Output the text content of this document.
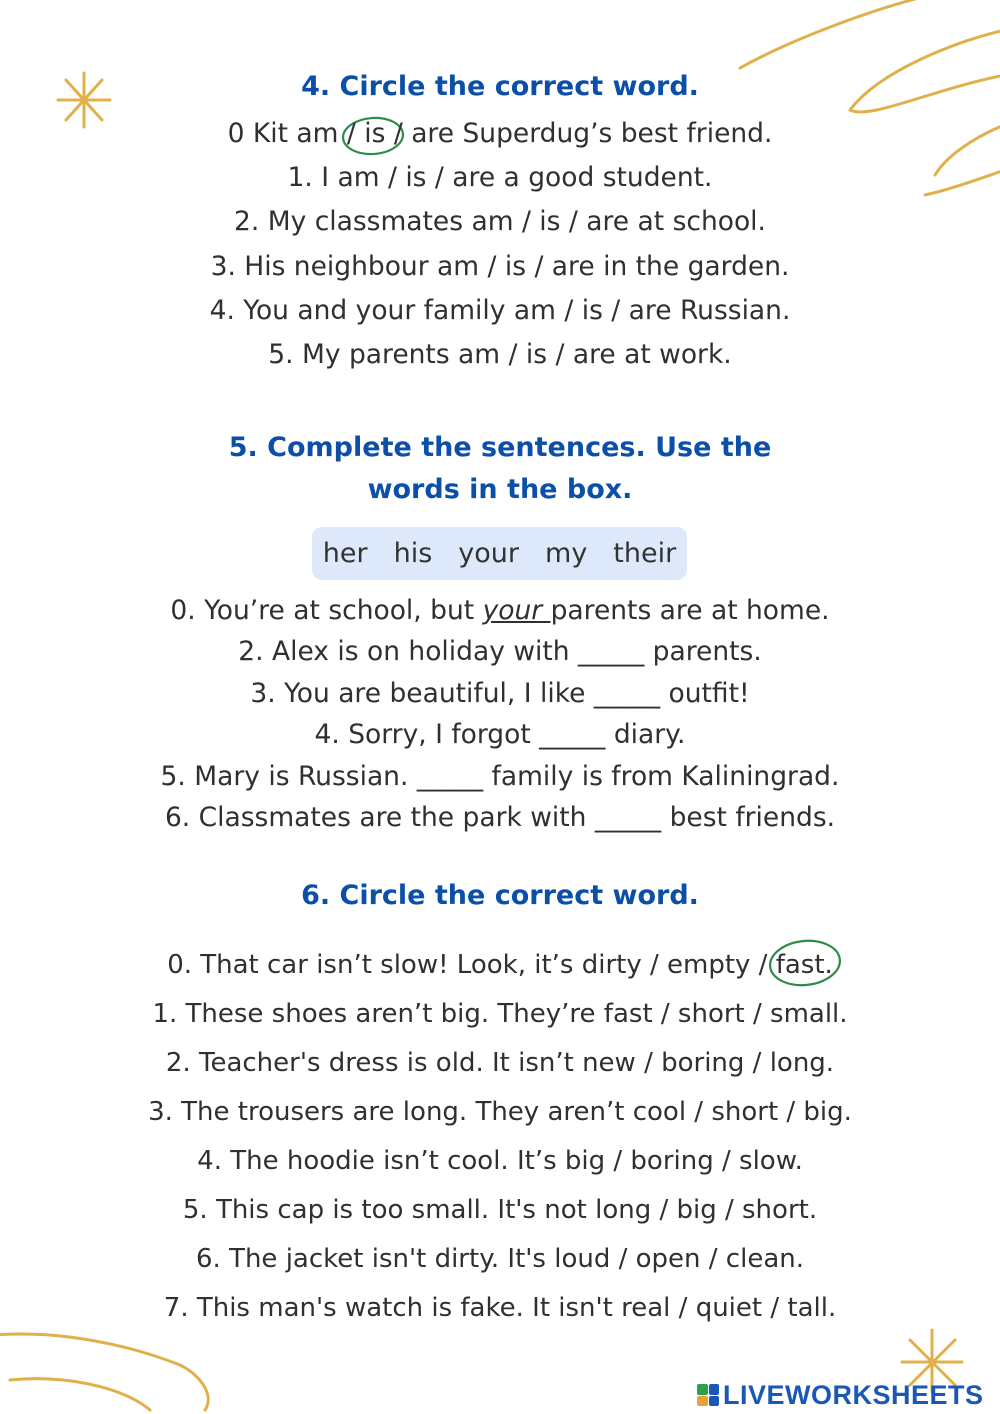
4. Circle the correct word.
0 Kit am / is / are Superdug’s best friend.
1. I am / is / are a good student.
2. My classmates am / is / are at school.
3. His neighbour am / is / are in the garden.
4. You and your family am / is / are Russian.
5. My parents am / is / are at work.
5. Complete the sentences. Use the
words in the box.
her his your my their
0. You’re at school, but your parents are at home.
2. Alex is on holiday with _____ parents.
3. You are beautiful, I like _____ outfit!
4. Sorry, I forgot _____ diary.
5. Mary is Russian. _____ family is from Kaliningrad.
6. Classmates are the park with _____ best friends.
6. Circle the correct word.
0. That car isn’t slow! Look, it’s dirty / empty / fast.
1. These shoes aren’t big. They’re fast / short / small.
2. Teacher's dress is old. It isn’t new / boring / long.
3. The trousers are long. They aren’t cool / short / big.
4. The hoodie isn’t cool. It’s big / boring / slow.
5. This cap is too small. It's not long / big / short.
6. The jacket isn't dirty. It's loud / open / clean.
7. This man's watch is fake. It isn't real / quiet / tall.
LIVEWORKSHEETS
